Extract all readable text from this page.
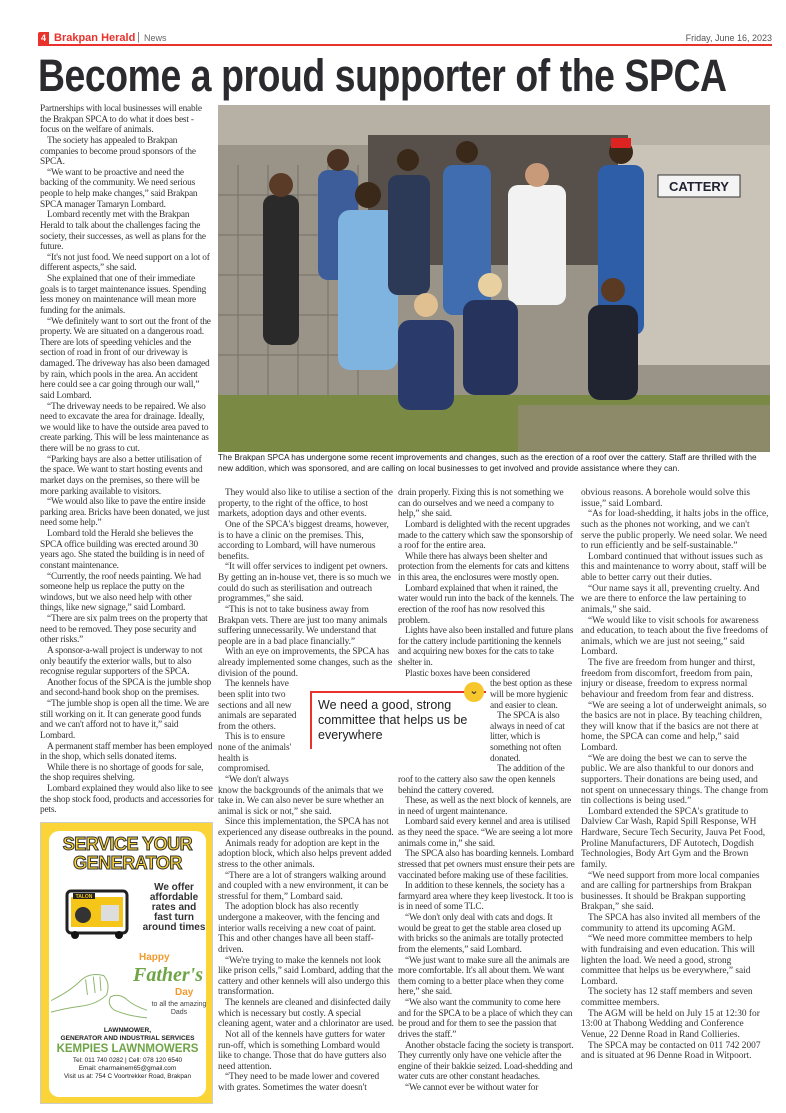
4 Brakpan Herald | News	Friday, June 16, 2023
Become a proud supporter of the SPCA

Partnerships with local businesses will enable the Brakpan SPCA to do what it does best - focus on the welfare of animals.

The society has appealed to Brakpan companies to become proud sponsors of the SPCA.

“We want to be proactive and need the backing of the community. We need serious people to help make changes,” said Brakpan SPCA manager Tamaryn Lombard.

Lombard recently met with the Brakpan Herald to talk about the challenges facing the society, their successes, as well as plans for the future.

“It's not just food. We need support on a lot of different aspects,” she said.

She explained that one of their immediate goals is to target maintenance issues. Spending less money on maintenance will mean more funding for the animals.

“We definitely want to sort out the front of the property. We are situated on a dangerous road. There are lots of speeding vehicles and the section of road in front of our driveway is damaged. The driveway has also been damaged by rain, which pools in the area. An accident here could see a car going through our wall,” said Lombard.

“The driveway needs to be repaired. We also need to excavate the area for drainage. Ideally, we would like to have the outside area paved to create parking. This will be less maintenance as there will be no grass to cut.

“Parking bays are also a better utilisation of the space. We want to start hosting events and market days on the premises, so there will be more parking available to visitors.

“We would also like to pave the entire inside parking area. Bricks have been donated, we just need some help.”

Lombard told the Herald she believes the SPCA office building was erected around 30 years ago. She stated the building is in need of constant maintenance.

“Currently, the roof needs painting. We had someone help us replace the putty on the windows, but we also need help with other things, like new signage,” said Lombard.

“There are six palm trees on the property that need to be removed. They pose security and other risks.”

A sponsor-a-wall project is underway to not only beautify the exterior walls, but to also recognise regular supporters of the SPCA.

Another focus of the SPCA is the jumble shop and second-hand book shop on the premises.

“The jumble shop is open all the time. We are still working on it. It can generate good funds and we can't afford not to have it,” said Lombard.

A permanent staff member has been employed in the shop, which sells donated items.

While there is no shortage of goods for sale, the shop requires shelving.

Lombard explained they would also like to see the shop stock food, products and accessories for pets.

CATTERY
The Brakpan SPCA has undergone some recent improvements and changes, such as the erection of a roof over the cattery. Staff are thrilled with the new addition, which was sponsored, and are calling on local businesses to get involved and provide assistance where they can.

They would also like to utilise a section of the property, to the right of the office, to host markets, adoption days and other events.

One of the SPCA's biggest dreams, however, is to have a clinic on the premises. This, according to Lombard, will have numerous benefits.

“It will offer services to indigent pet owners. By getting an in-house vet, there is so much we could do such as sterilisation and outreach programmes,” she said.

“This is not to take business away from Brakpan vets. There are just too many animals suffering unnecessarily. We understand that people are in a bad place financially.”

With an eye on improvements, the SPCA has already implemented some changes, such as the division of the pound.

The kennels have been split into two sections and all new animals are separated from the others.

This is to ensure none of the animals' health is compromised.

“We don't always know the backgrounds of the animals that we take in. We can also never be sure whether an animal is sick or not,” she said.

Since this implementation, the SPCA has not experienced any disease outbreaks in the pound.

Animals ready for adoption are kept in the adoption block, which also helps prevent added stress to the other animals.

“There are a lot of strangers walking around and coupled with a new environment, it can be stressful for them,” Lombard said.

The adoption block has also recently undergone a makeover, with the fencing and interior walls receiving a new coat of paint. This and other changes have all been staff-driven.

“We're trying to make the kennels not look like prison cells,” said Lombard, adding that the cattery and other kennels will also undergo this transformation.

The kennels are cleaned and disinfected daily which is necessary but costly. A special cleaning agent, water and a chlorinator are used.

Not all of the kennels have gutters for water run-off, which is something Lombard would like to change. Those that do have gutters also need attention.

“They need to be made lower and covered with grates. Sometimes the water doesn't

drain properly. Fixing this is not something we can do ourselves and we need a company to help,” she said.

Lombard is delighted with the recent upgrades made to the cattery which saw the sponsorship of a roof for the entire area.

While there has always been shelter and protection from the elements for cats and kittens in this area, the enclosures were mostly open.

Lombard explained that when it rained, the water would run into the back of the kennels. The erection of the roof has now resolved this problem.

Lights have also been installed and future plans for the cattery include partitioning the kennels and acquiring new boxes for the cats to take shelter in.

Plastic boxes have been considered

the best option as these will be more hygienic and easier to clean.

The SPCA is also always in need of cat litter, which is something not often donated.

The addition of the roof to the cattery also saw the open kennels behind the cattery covered.

These, as well as the next block of kennels, are in need of urgent maintenance.

Lombard said every kennel and area is utilised as they need the space. “We are seeing a lot more animals come in,” she said.

The SPCA also has boarding kennels. Lombard stressed that pet owners must ensure their pets are vaccinated before making use of these facilities.

In addition to these kennels, the society has a farmyard area where they keep livestock. It too is is in need of some TLC.

“We don't only deal with cats and dogs. It would be great to get the stable area closed up with bricks so the animals are totally protected from the elements,” said Lombard.

“We just want to make sure all the animals are more comfortable. It's all about them. We want them coming to a better place when they come here,” she said.

“We also want the community to come here and for the SPCA to be a place of which they can be proud and for them to see the passion that drives the staff.”

Another obstacle facing the society is transport. They currently only have one vehicle after the engine of their bakkie seized. Load-shedding and water cuts are other constant headaches.

“We cannot ever be without water for

obvious reasons. A borehole would solve this issue,” said Lombard.

“As for load-shedding, it halts jobs in the office, such as the phones not working, and we can't serve the public properly. We need solar. We need to run efficiently and be self-sustainable.”

Lombard continued that without issues such as this and maintenance to worry about, staff will be able to better carry out their duties.

“Our name says it all, preventing cruelty. And we are there to enforce the law pertaining to animals,” she said.

“We would like to visit schools for awareness and education, to teach about the five freedoms of animals, which we are just not seeing,” said Lombard.

The five are freedom from hunger and thirst, freedom from discomfort, freedom from pain, injury or disease, freedom to express normal behaviour and freedom from fear and distress.

“We are seeing a lot of underweight animals, so the basics are not in place. By teaching children, they will know that if the basics are not there at home, the SPCA can come and help,” said Lombard.

“We are doing the best we can to serve the public. We are also thankful to our donors and supporters. Their donations are being used, and not spent on unnecessary things. The change from tin collections is being used.”

Lombard extended the SPCA's gratitude to Dalview Car Wash, Rapid Spill Response, WH Hardware, Secure Tech Security, Jauva Pet Food, Proline Manufacturers, DF Autotech, Dogdish Technologies, Body Art Gym and the Brown family.

“We need support from more local companies and are calling for partnerships from Brakpan businesses. It should be Brakpan supporting Brakpan,” she said.

The SPCA has also invited all members of the community to attend its upcoming AGM.

“We need more committee members to help with fundraising and even education. This will lighten the load. We need a good, strong committee that helps us be everywhere,” said Lombard.

The society has 12 staff members and seven committee members.

The AGM will be held on July 15 at 12:30 for 13:00 at Thabong Wedding and Conference Venue, 22 Denne Road in Rand Collieries.

The SPCA may be contacted on 011 742 2007 and is situated at 96 Denne Road in Witpoort.

We need a good, strong committee that helps us be everywhere
⌄
SERVICE YOUR
GENERATOR
TALON
We offer affordable rates and fast turn around times
Happy
Father's
Day
to all the amazing Dads
LAWNMOWER,
GENERATOR AND INDUSTRIAL SERVICES
KEMPIES LAWNMOWERS
Tel: 011 740 0282 | Cell: 078 120 6540
Email: charmainem65@gmail.com
Visit us at: 754 C Voortrekker Road, Brakpan
